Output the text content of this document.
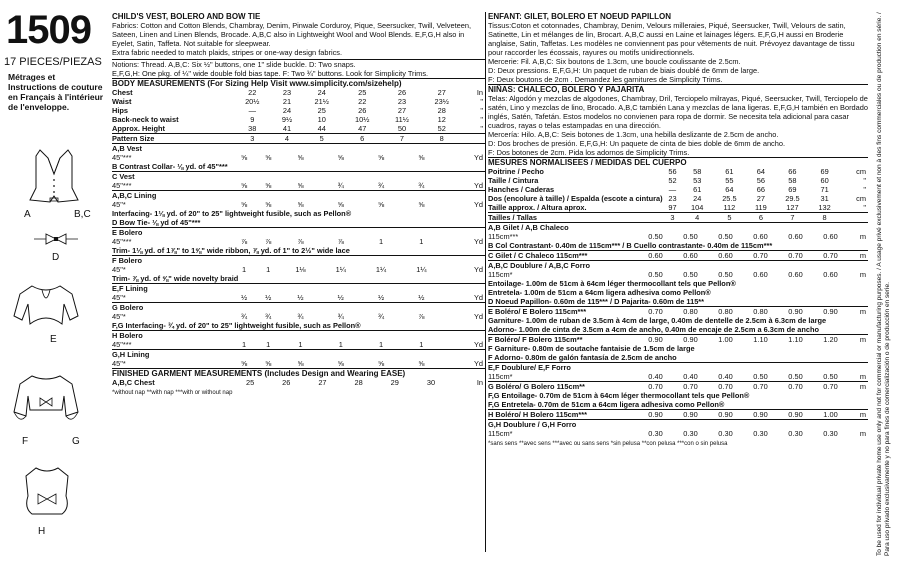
1509
17 PIECES/PIEZAS
Métrages et Instructions de couture en Français à l'intérieur de l'enveloppe.
A	B,C
D
E
F	G
H
CHILD'S VEST, BOLERO AND BOW TIE
Fabrics: Cotton and Cotton Blends, Chambray, Denim, Pinwale Corduroy, Pique, Seersucker, Twill, Velveteen, Sateen, Linen and Linen Blends, Brocade. A,B,C also in Lightweight Wool and Wool Blends. E,F,G,H also in Eyelet, Satin, Taffeta. Not suitable for sleepwear.
Extra fabric needed to match plaids, stripes or one-way design fabrics.
Notions: Thread. A,B,C: Six ½" buttons, one 1" slide buckle. D: Two snaps.
E,F,G,H: One pkg. of ¼" wide double fold bias tape. F: Two ¾" buttons. Look for Simplicity Trims.
BODY MEASUREMENTS (For Sizing Help Visit www.simplicity.com/sizehelp)
Chest	22	23	24	25	26	27	In
Waist	20½	21	21½	22	23	23½	"
Hips	—	24	25	26	27	28	"
Back-neck to waist	9	9½	10	10½	11½	12	"
Approx. Height	38	41	44	47	50	52	"
Pattern Size	3	4	5	6	7	8	
A,B Vest							
45"***	⅝	⅝	⅝	⅝	⅝	⅝	Yd
B Contrast Collar- ⅛ yd. of 45"***							
C Vest							
45"***	⅝	⅝	⅝	¾	¾	¾	Yd
A,B,C Lining							
45"*	⅝	⅝	⅝	⅝	⅝	⅝	Yd
Interfacing- 1⅛ yd. of 20" to 25" lightweight fusible, such as Pellon®							
D Bow Tie- ⅛ yd of 45"***							
E Bolero							
45"***	⅞	⅞	⅞	⅞	1	1	Yd
Trim- 1⅛ yd. of 1⅞" to 1⅝" wide ribbon, ⅞ yd. of 1" to 2½" wide lace							
F Bolero							
45"*	1	1	1⅛	1¼	1¼	1¼	Yd
Trim- ⅞ yd. of ⅝" wide novelty braid							
E,F Lining							
45"*	½	½	½	½	½	½	Yd
G Bolero							
45"*	¾	¾	¾	¾	¾	⅞	Yd
F,G Interfacing- ¾ yd. of 20" to 25" lightweight fusible, such as Pellon®							
H Bolero							
45"***	1	1	1	1	1	1	Yd
G,H Lining							
45"*	⅝	⅝	⅝	⅝	⅝	⅝	Yd
FINISHED GARMENT MEASUREMENTS (Includes Design and Wearing EASE)
A,B,C Chest	25	26	27	28	29	30	In
*without nap **with nap ***with or without nap
ENFANT: GILET, BOLERO ET NOEUD PAPILLON
Tissus:Coton et cotonnades, Chambray, Denim, Velours milleraies, Piqué, Seersucker, Twill, Velours de satin, Satinette, Lin et mélanges de lin, Brocart. A,B,C aussi en Laine et lainages légers. E,F,G,H aussi en Broderie anglaise, Satin, Taffetas. Les modèles ne conviennent pas pour vêtements de nuit. Prévoyez davantage de tissu pour raccorder les écossais, rayures ou motifs unidirectionnels.
Mercerie: Fil. A,B,C: Six boutons de 1.3cm, une boucle coulissante de 2.5cm.
D: Deux pressions. E,F,G,H: Un paquet de ruban de biais doublé de 6mm de large.
F: Deux boutons de 2cm . Demandez les garnitures de Simplicity Trims.
NIÑAS: CHALECO, BOLERO Y PAJARITA
Telas: Algodón y mezclas de algodones, Chambray, Dril, Terciopelo milrayas, Piqué, Seersucker, Twill, Terciopelo de satén, Lino y mezclas de lino, Brocado. A,B,C también Lana y mezclas de lana ligeras. E,F,G,H también en Bordado inglés, Satén, Tafetán. Estos modelos no convienen para ropa de dormir. Se necesita tela adicional para casar cuadros, rayas o telas estampadas en una dirección.
Mercería: Hilo. A,B,C: Seis botones de 1.3cm, una hebilla deslizante de 2.5cm de ancho.
D: Dos broches de presión. E,F,G,H: Un paquete de cinta de bies doble de 6mm de ancho.
F: Dos botones de 2cm. Pida los adornos de Simplicity Trims.
MESURES NORMALISEES / MEDIDAS DEL CUERPO
Poitrine / Pecho	56	58	61	64	66	69	cm
Taille / Cintura	52	53	55	56	58	60	"
Hanches / Caderas	—	61	64	66	69	71	"
Dos (encolure à taille) / Espalda (escote a cintura)	23	24	25.5	27	29.5	31	cm
Taille approx. / Altura aprox.	97	104	112	119	127	132	"
Tailles / Tallas	3	4	5	6	7	8	
A,B Gilet / A,B Chaleco							
115cm***	0.50	0.50	0.50	0.60	0.60	0.60	m
B Col Contrastant- 0.40m de 115cm*** / B Cuello contrastante- 0.40m de 115cm***							
C Gilet / C Chaleco 115cm***	0.60	0.60	0.60	0.70	0.70	0.70	m
A,B,C Doublure / A,B,C Forro							
115cm*	0.50	0.50	0.50	0.60	0.60	0.60	m
Entoilage- 1.00m de 51cm à 64cm léger thermocollant tels que Pellon®							
Entretela- 1.00m de 51cm a 64cm ligera adhesiva como Pellon®							
D Noeud Papillon- 0.60m de 115*** / D Pajarita- 0.60m de 115**							
E Boléro/ E Bolero 115cm***	0.70	0.80	0.80	0.80	0.90	0.90	m
Garniture- 1.00m de ruban de 3.5cm à 4cm de large, 0.40m de dentelle de 2.5cm à 6.3cm de large							
Adorno- 1.00m de cinta de 3.5cm a 4cm de ancho, 0.40m de encaje de 2.5cm a 6.3cm de ancho							
F Boléro/ F Bolero 115cm**	0.90	0.90	1.00	1.10	1.10	1.20	m
F Garniture- 0.80m de soutache fantaisie de 1.5cm de large							
F Adorno- 0.80m de galón fantasía de 2.5cm de ancho							
E,F Doublure/ E,F Forro							
115cm*	0.40	0.40	0.40	0.50	0.50	0.50	m
G Boléro/ G Bolero 115cm**	0.70	0.70	0.70	0.70	0.70	0.70	m
F,G Entoilage- 0.70m de 51cm à 64cm léger thermocollant tels que Pellon®							
F,G Entretela- 0.70m de 51cm a 64cm ligera adhesiva como Pellon®							
H Boléro/ H Bolero 115cm***	0.90	0.90	0.90	0.90	0.90	1.00	m
G,H Doublure / G,H Forro							
115cm*	0.30	0.30	0.30	0.30	0.30	0.30	m
*sans sens **avec sens ***avec ou sans sens *sin pelusa **con pelusa ***con o sin pelusa	To be used for individual private home use only and not for commercial or manufacturing purposes. / A usage privé exclusivement et non à des fins commerciales ou de production en série. / Para uso privado exclusivamente y no para fines de comercialización o de producción en serie.
